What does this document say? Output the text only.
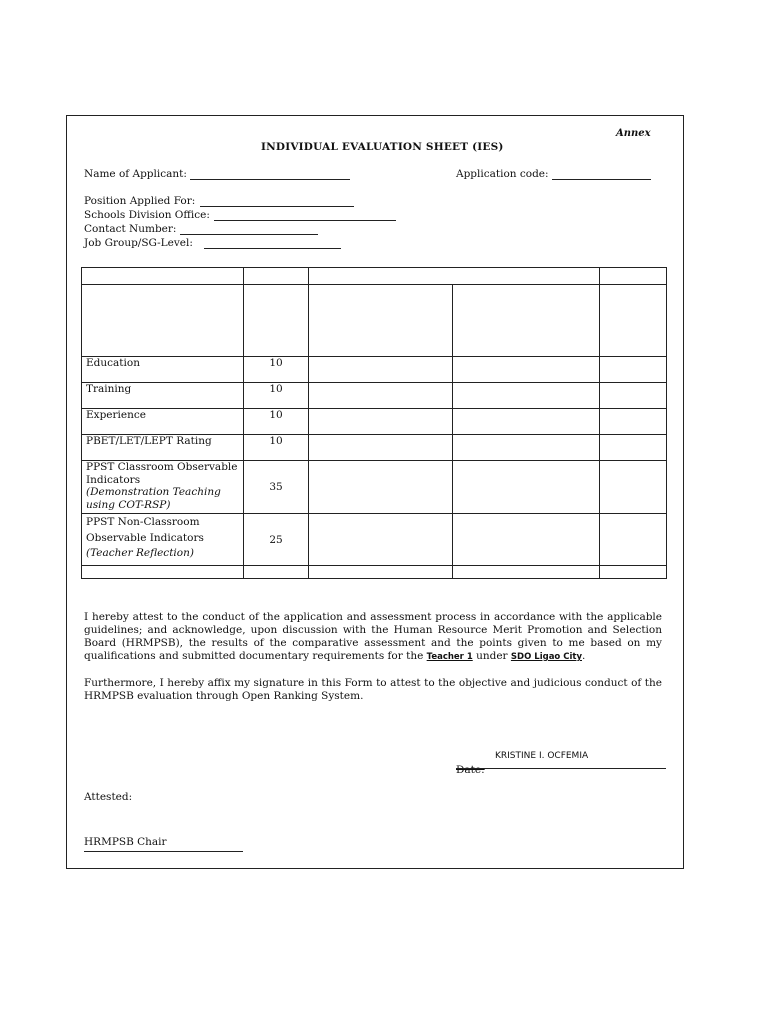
Annex
INDIVIDUAL EVALUATION SHEET (IES)
Name of Applicant:	Application code:
Position Applied For:
Schools Division Office:
Contact Number:
Job Group/SG-Level:

Education	10			
Training	10			
Experience	10			
PBET/LET/LEPT Rating	10			
PPST Classroom Observable Indicators
(Demonstration Teaching using COT-RSP)	35			
PPST Non-Classroom Observable Indicators
(Teacher Reflection)	25			

I hereby attest to the conduct of the application and assessment process in accordance with the applicable guidelines; and acknowledge, upon discussion with the Human Resource Merit Promotion and Selection Board (HRMPSB), the results of the comparative assessment and the points given to me based on my qualifications and submitted documentary requirements for the Teacher 1 under SDO Ligao City.
Furthermore, I hereby affix my signature in this Form to attest to the objective and judicious conduct of the HRMPSB evaluation through Open Ranking System.
KRISTINE I. OCFEMIA
Date:
Attested:
HRMPSB Chair
